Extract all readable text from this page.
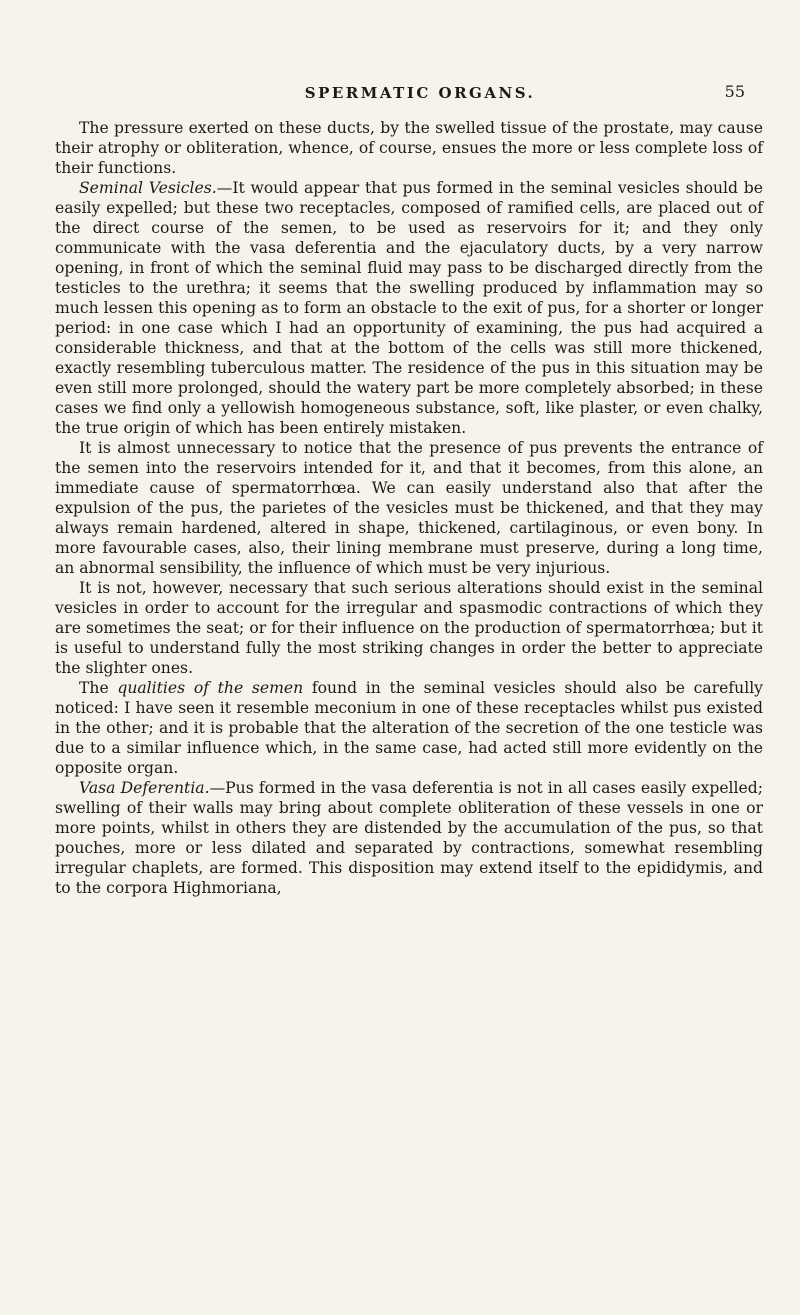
SPERMATIC ORGANS.	55

The pressure exerted on these ducts, by the swelled tissue of the prostate, may cause their atrophy or obliteration, whence, of course, ensues the more or less complete loss of their functions.

Seminal Vesicles.—It would appear that pus formed in the seminal vesicles should be easily expelled; but these two receptacles, composed of ramified cells, are placed out of the direct course of the semen, to be used as reservoirs for it; and they only communicate with the vasa deferentia and the ejaculatory ducts, by a very narrow opening, in front of which the seminal fluid may pass to be discharged directly from the testicles to the urethra; it seems that the swelling produced by inflammation may so much lessen this opening as to form an obstacle to the exit of pus, for a shorter or longer period: in one case which I had an opportunity of examining, the pus had acquired a considerable thickness, and that at the bottom of the cells was still more thickened, exactly resembling tuberculous matter. The residence of the pus in this situation may be even still more prolonged, should the watery part be more completely absorbed; in these cases we find only a yellowish homogeneous substance, soft, like plaster, or even chalky, the true origin of which has been entirely mistaken.

It is almost unnecessary to notice that the presence of pus prevents the entrance of the semen into the reservoirs intended for it, and that it becomes, from this alone, an immediate cause of spermatorrhœa. We can easily understand also that after the expulsion of the pus, the parietes of the vesicles must be thickened, and that they may always remain hardened, altered in shape, thickened, cartilaginous, or even bony. In more favourable cases, also, their lining membrane must preserve, during a long time, an abnormal sensibility, the influence of which must be very injurious.

It is not, however, necessary that such serious alterations should exist in the seminal vesicles in order to account for the irregular and spasmodic contractions of which they are sometimes the seat; or for their influence on the production of spermatorrhœa; but it is useful to understand fully the most striking changes in order the better to appreciate the slighter ones.

The qualities of the semen found in the seminal vesicles should also be carefully noticed: I have seen it resemble meconium in one of these receptacles whilst pus existed in the other; and it is probable that the alteration of the secretion of the one testicle was due to a similar influence which, in the same case, had acted still more evidently on the opposite organ.

Vasa Deferentia.—Pus formed in the vasa deferentia is not in all cases easily expelled; swelling of their walls may bring about complete obliteration of these vessels in one or more points, whilst in others they are distended by the accumulation of the pus, so that pouches, more or less dilated and separated by contractions, somewhat resembling irregular chaplets, are formed. This disposition may extend itself to the epididymis, and to the corpora Highmoriana,
